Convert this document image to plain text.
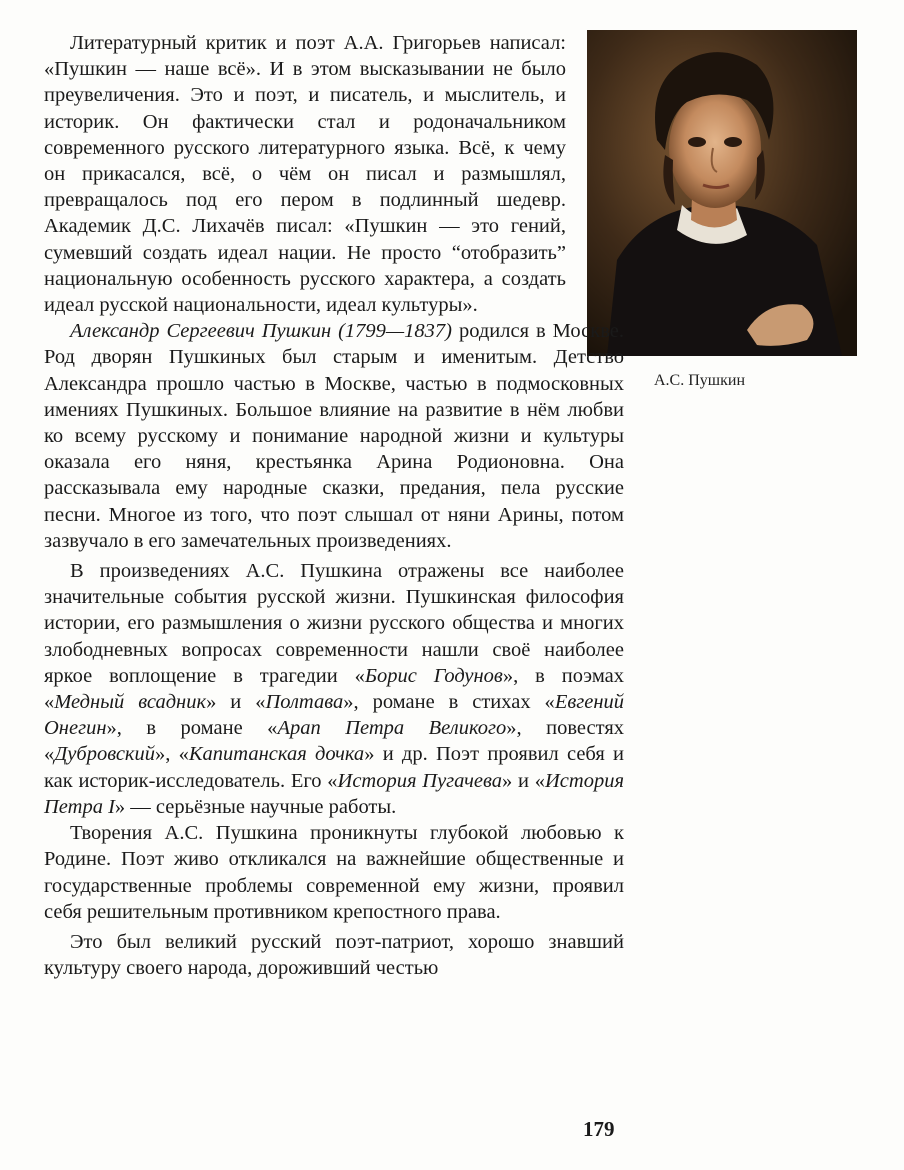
А.С. Пушкин

Литературный критик и поэт А.А. Григорьев написал: «Пушкин — наше всё». И в этом высказывании не было преувеличения. Это и поэт, и писатель, и мыслитель, и историк. Он фактически стал и родоначальником современного русского литературного языка. Всё, к чему он прикасался, всё, о чём он писал и размышлял, превращалось под его пером в подлинный шедевр. Академик Д.С. Лихачёв писал: «Пушкин — это гений, сумевший создать идеал нации. Не просто “отобразить” национальную особенность русского характера, а создать идеал русской национальности, идеал культуры».

Александр Сергеевич Пушкин (1799—1837) родился в Москве. Род дворян Пушкиных был старым и именитым. Детство Александра прошло частью в Москве, частью в подмосковных имениях Пушкиных. Большое влияние на развитие в нём любви ко всему русскому и понимание народной жизни и культуры оказала его няня, крестьянка Арина Родионовна. Она рассказывала ему народные сказки, предания, пела русские песни. Многое из того, что поэт слышал от няни Арины, потом зазвучало в его замечательных произведениях.

В произведениях А.С. Пушкина отражены все наиболее значительные события русской жизни. Пушкинская философия истории, его размышления о жизни русского общества и многих злободневных вопросах современности нашли своё наиболее яркое воплощение в трагедии «Борис Годунов», в поэмах «Медный всадник» и «Полтава», романе в стихах «Евгений Онегин», в романе «Арап Петра Великого», повестях «Дубровский», «Капитанская дочка» и др. Поэт проявил себя и как историк-исследователь. Его «История Пугачева» и «История Петра I» — серьёзные научные работы.

Творения А.С. Пушкина проникнуты глубокой любовью к Родине. Поэт живо откликался на важнейшие общественные и государственные проблемы современной ему жизни, проявил себя решительным противником крепостного права.

Это был великий русский поэт-патриот, хорошо знавший культуру своего народа, дороживший честью

179
